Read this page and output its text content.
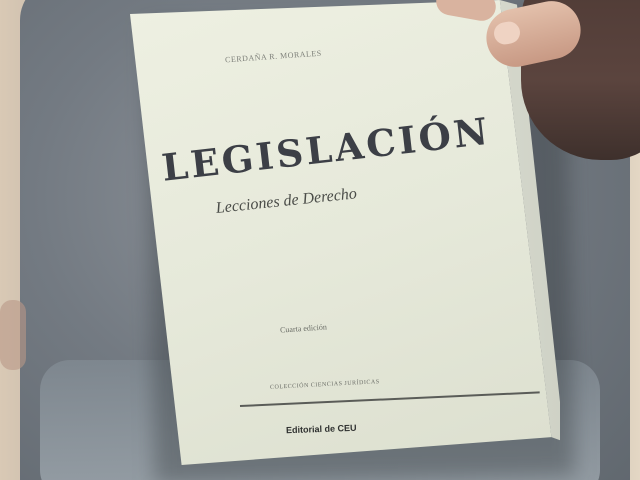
CERDAÑA R. MORALES
LEGISLACIÓN
Lecciones de Derecho
Cuarta edición
COLECCIÓN CIENCIAS JURÍDICAS
Editorial de CEU
